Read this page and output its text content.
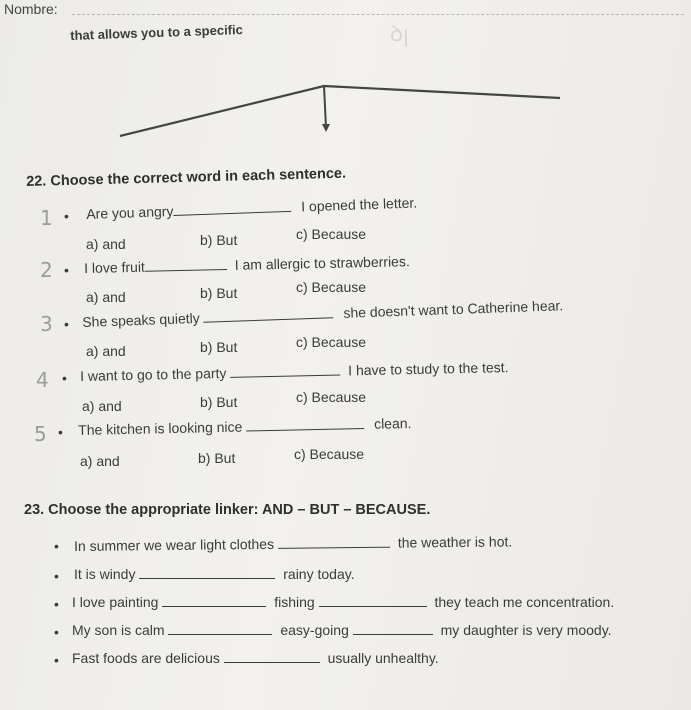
Nombre:
ꝺꞁ
that allows you to a specific
22. Choose the correct word in each sentence.
1 • Are you angry	I opened the letter.
a) and	b) But	c) Because
2 • I love fruit	I am allergic to strawberries.
a) and	b) But	c) Because
3 • She speaks quietly	she doesn't want to Catherine hear.
a) and	b) But	c) Because
4 • I want to go to the party	I have to study to the test.
a) and	b) But	c) Because
5 • The kitchen is looking nice	clean.
a) and	b) But	c) Because
23. Choose the appropriate linker: AND – BUT – BECAUSE.
• In summer we wear light clothes	the weather is hot.
• It is windy	rainy today.
• I love painting	fishing	they teach me concentration.
• My son is calm	easy-going	my daughter is very moody.
• Fast foods are delicious	usually unhealthy.
